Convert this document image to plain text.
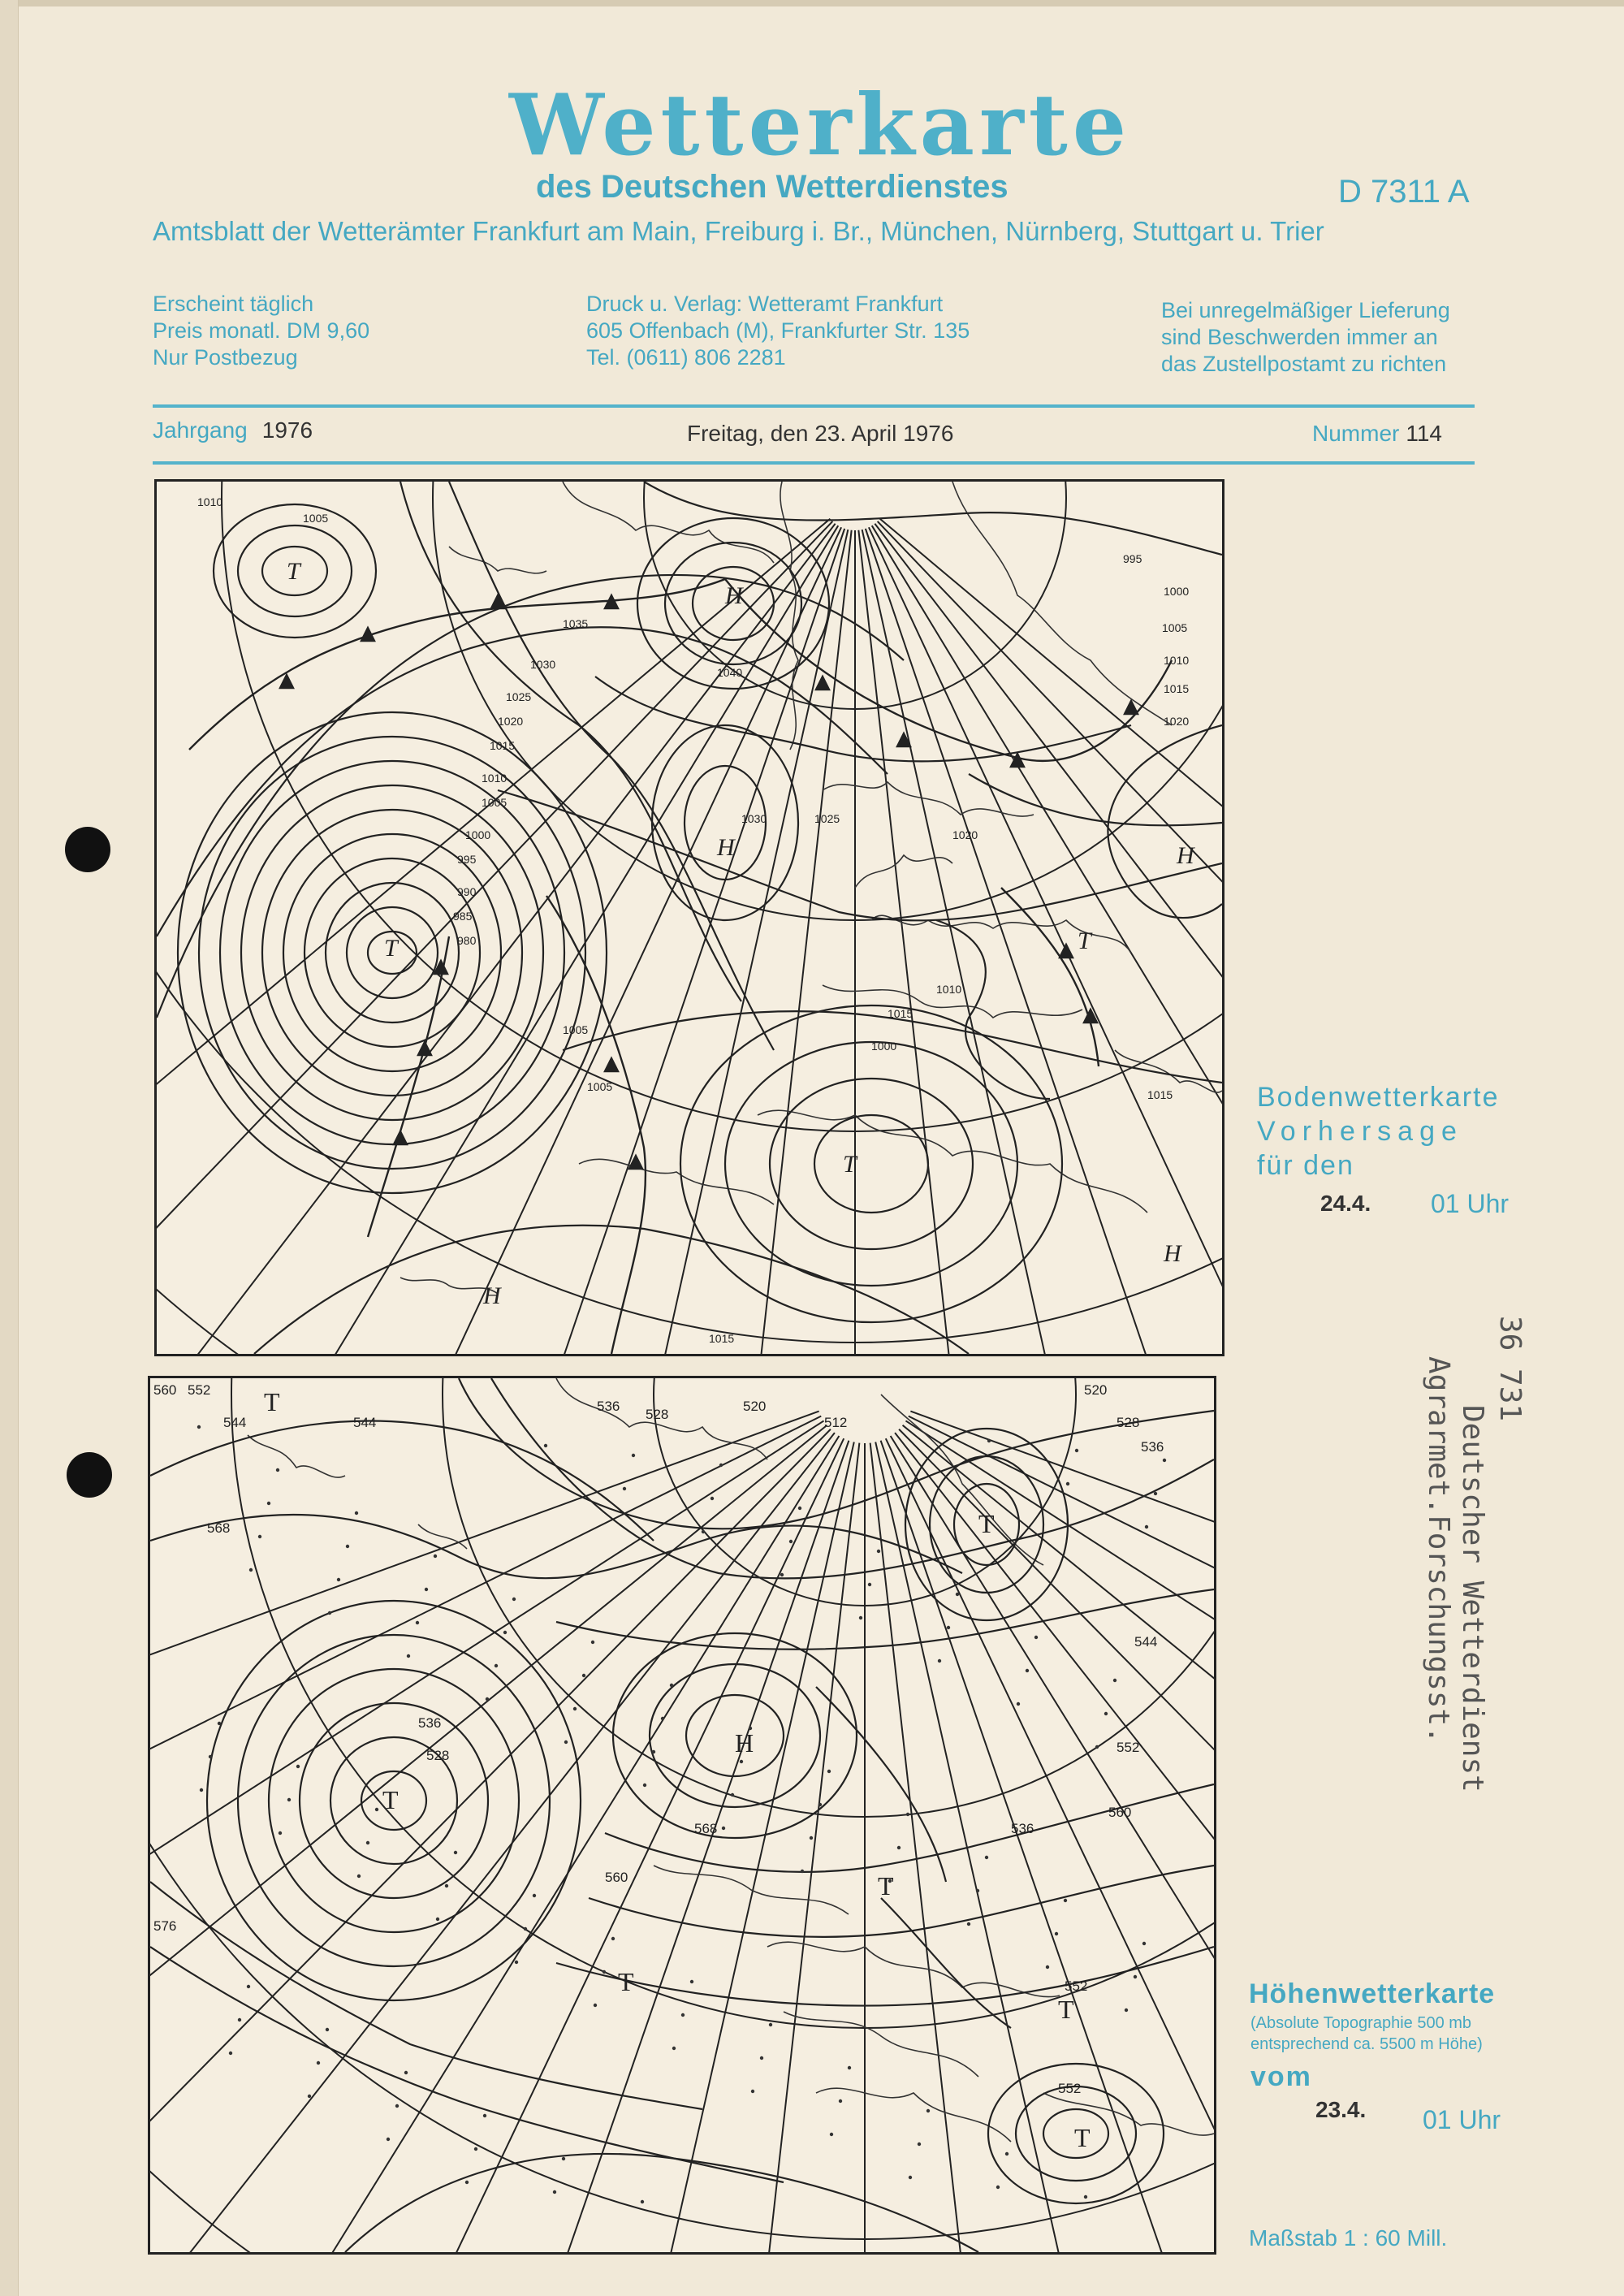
Wetterkarte
des Deutschen Wetterdienstes	D 7311 A
Amtsblatt der Wetterämter Frankfurt am Main, Freiburg i. Br., München, Nürnberg, Stuttgart u. Trier
Erscheint täglich
Preis monatl. DM 9,60
Nur Postbezug
Druck u. Verlag: Wetteramt Frankfurt
605 Offenbach (M), Frankfurter Str. 135
Tel. (0611) 806 2281
Bei unregelmäßiger Lieferung
sind Beschwerden immer an
das Zustellpostamt zu richten
Jahrgang 1976	Freitag, den 23. April 1976	Nummer 114
1010
1005
995
1000
1005
1010
1015
1020
1035
1030
1025
1020
1015
1010
1005
1000
995
990
985
980
1030	1025
1020
1010
1015
1000
1005
1015
1040
1005
1015
T
H
H	H
T	T
T
H
H
Bodenwetterkarte
Vorhersage
für den
24.4. 01 Uhr
560 552
544	544
536
528
520
512
520
528
536
544
552
560
568
536
528
568
560
576
536
552
552
T
T
H
T
T
T
T
T
Höhenwetterkarte
(Absolute Topographie 500 mb
entsprechend ca. 5500 m Höhe)
vom
23.4. 01 Uhr
36 731
Deutscher Wetterdienst
Agrarmet.Forschungsst.
Maßstab 1 : 60 Mill.
